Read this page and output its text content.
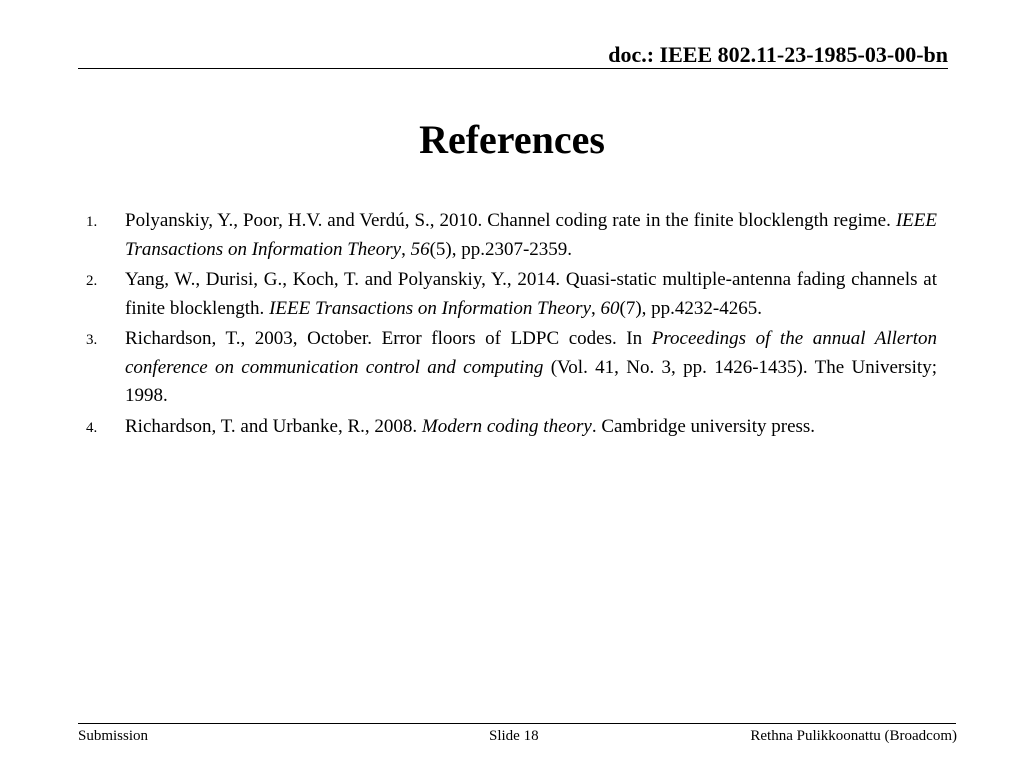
doc.: IEEE 802.11-23-1985-03-00-bn
References
1. Polyanskiy, Y., Poor, H.V. and Verdú, S., 2010. Channel coding rate in the finite blocklength regime. IEEE Transactions on Information Theory, 56(5), pp.2307-2359.
2. Yang, W., Durisi, G., Koch, T. and Polyanskiy, Y., 2014. Quasi-static multiple-antenna fading channels at finite blocklength. IEEE Transactions on Information Theory, 60(7), pp.4232-4265.
3. Richardson, T., 2003, October. Error floors of LDPC codes. In Proceedings of the annual Allerton conference on communication control and computing (Vol. 41, No. 3, pp. 1426-1435). The University; 1998.
4. Richardson, T. and Urbanke, R., 2008. Modern coding theory. Cambridge university press.
Submission	Slide 18	Rethna Pulikkoonattu (Broadcom)
